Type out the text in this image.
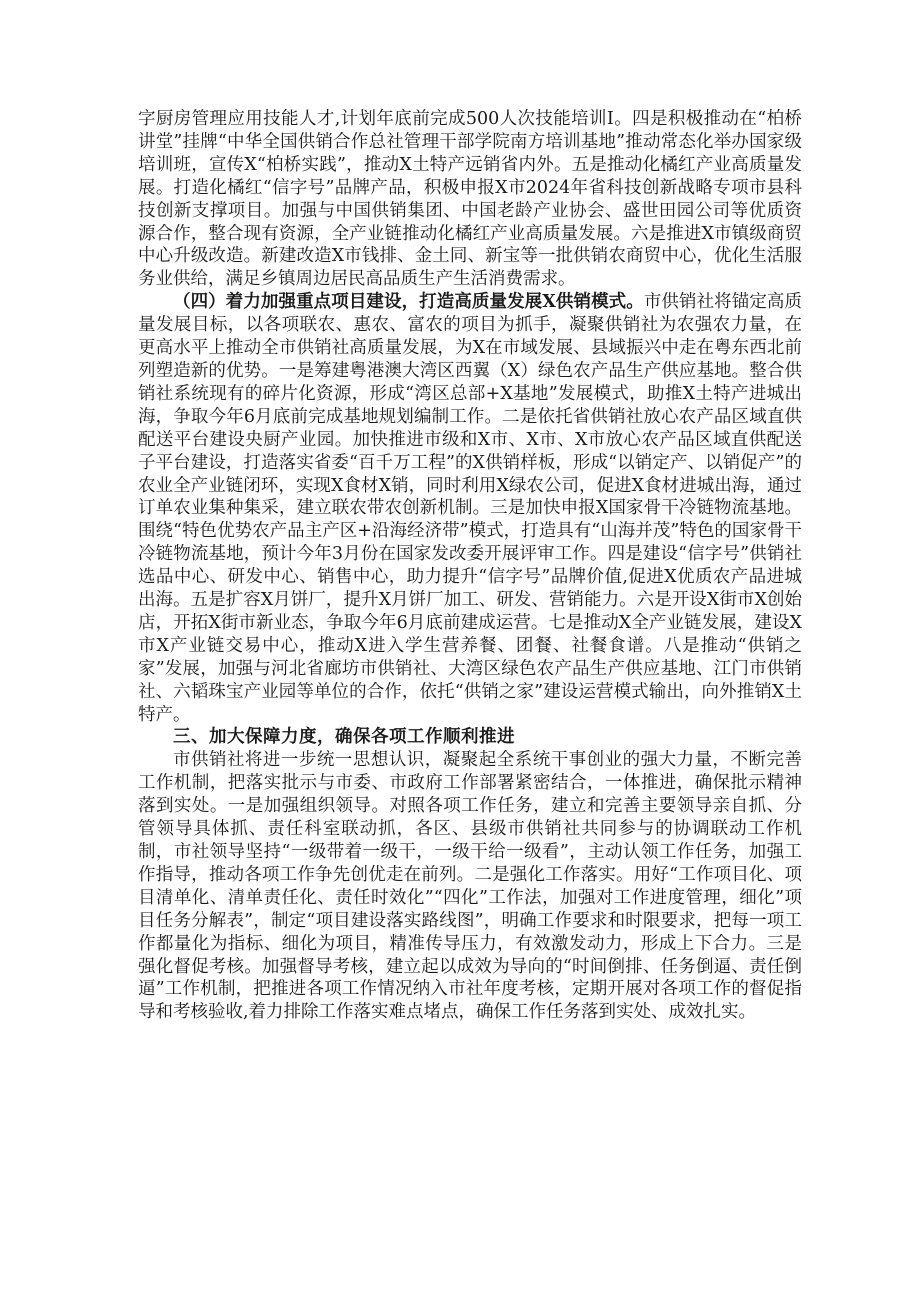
字厨房管理应用技能人才,计划年底前完成500人次技能培训I。四是积极推动在“柏桥讲堂”挂牌“中华全国供销合作总社管理干部学院南方培训基地”推动常态化举办国家级培训班，宣传X“柏桥实践”，推动X土特产远销省内外。五是推动化橘红产业高质量发展。打造化橘红“信字号”品牌产品，积极申报X市2024年省科技创新战略专项市县科技创新支撑项目。加强与中国供销集团、中国老龄产业协会、盛世田园公司等优质资源合作，整合现有资源，全产业链推动化橘红产业高质量发展。六是推进X市镇级商贸中心升级改造。新建改造X市钱排、金土同、新宝等一批供销农商贸中心，优化生活服务业供给，满足乡镇周边居民高品质生产生活消费需求。

（四）着力加强重点项目建设，打造高质量发展X供销模式。市供销社将锚定高质量发展目标，以各项联农、惠农、富农的项目为抓手，凝聚供销社为农强农力量，在更高水平上推动全市供销社高质量发展，为X在市域发展、县域振兴中走在粤东西北前列塑造新的优势。一是筹建粤港澳大湾区西翼（X）绿色农产品生产供应基地。整合供销社系统现有的碎片化资源，形成“湾区总部+X基地”发展模式，助推X土特产进城出海，争取今年6月底前完成基地规划编制工作。二是依托省供销社放心农产品区域直供配送平台建设央厨产业园。加快推进市级和X市、X市、X市放心农产品区域直供配送子平台建设，打造落实省委“百千万工程”的X供销样板，形成“以销定产、以销促产”的农业全产业链闭环，实现X食材X销，同时利用X绿农公司，促进X食材进城出海，通过订单农业集种集采，建立联农带农创新机制。三是加快申报X国家骨干冷链物流基地。围绕“特色优势农产品主产区+沿海经济带”模式，打造具有“山海并茂”特色的国家骨干冷链物流基地，预计今年3月份在国家发改委开展评审工作。四是建设“信字号”供销社选品中心、研发中心、销售中心，助力提升“信字号”品牌价值,促进X优质农产品进城出海。五是扩容X月饼厂，提升X月饼厂加工、研发、营销能力。六是开设X街市X创始店，开拓X街市新业态，争取今年6月底前建成运营。七是推动X全产业链发展，建设X市X产业链交易中心，推动X进入学生营养餐、团餐、社餐食谱。八是推动“供销之家”发展，加强与河北省廊坊市供销社、大湾区绿色农产品生产供应基地、江门市供销社、六韬珠宝产业园等单位的合作，依托“供销之家”建设运营模式输出，向外推销X土特产。

三、加大保障力度，确保各项工作顺利推进

市供销社将进一步统一思想认识，凝聚起全系统干事创业的强大力量，不断完善工作机制，把落实批示与市委、市政府工作部署紧密结合，一体推进，确保批示精神落到实处。一是加强组织领导。对照各项工作任务，建立和完善主要领导亲自抓、分管领导具体抓、责任科室联动抓，各区、县级市供销社共同参与的协调联动工作机制，市社领导坚持“一级带着一级干，一级干给一级看”，主动认领工作任务，加强工作指导，推动各项工作争先创优走在前列。二是强化工作落实。用好“工作项目化、项目清单化、清单责任化、责任时效化”“四化”工作法，加强对工作进度管理，细化”项目任务分解表”，制定“项目建设落实路线图”，明确工作要求和时限要求，把每一项工作都量化为指标、细化为项目，精准传导压力，有效激发动力，形成上下合力。三是强化督促考核。加强督导考核，建立起以成效为导向的“时间倒排、任务倒逼、责任倒逼”工作机制，把推进各项工作情况纳入市社年度考核，定期开展对各项工作的督促指导和考核验收,着力排除工作落实难点堵点，确保工作任务落到实处、成效扎实。
